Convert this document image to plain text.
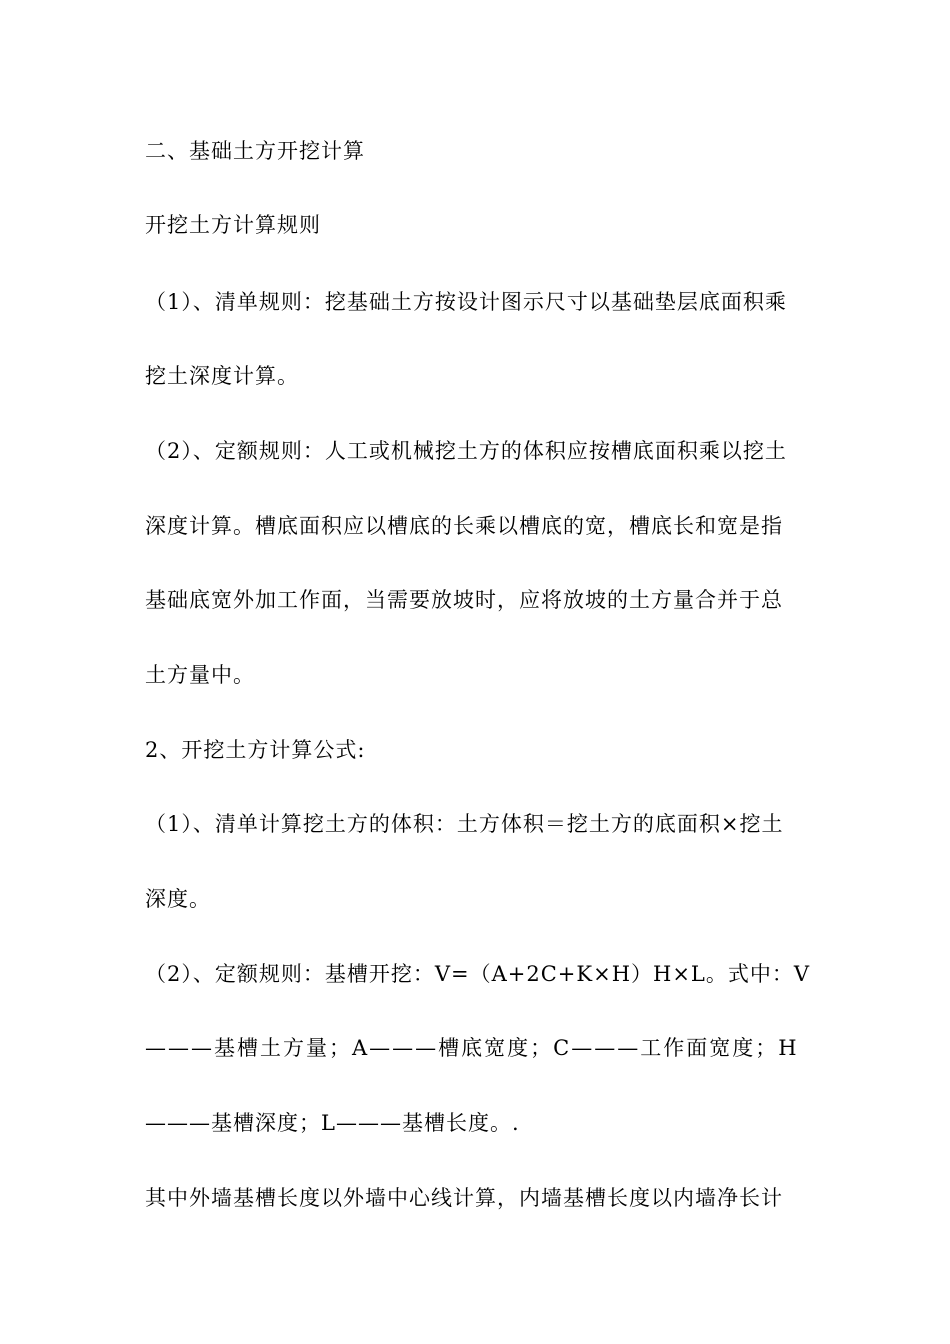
二、基础土方开挖计算
开挖土方计算规则
（1）、清单规则：挖基础土方按设计图示尺寸以基础垫层底面积乘
挖土深度计算。
（2）、定额规则：人工或机械挖土方的体积应按槽底面积乘以挖土
深度计算。槽底面积应以槽底的长乘以槽底的宽，槽底长和宽是指
基础底宽外加工作面，当需要放坡时，应将放坡的土方量合并于总
土方量中。
2、开挖土方计算公式:
（1）、清单计算挖土方的体积：土方体积＝挖土方的底面积×挖土
深度。
（2）、定额规则：基槽开挖：V=（A+2C+K×H）H×L。式中：V
———基槽土方量；A———槽底宽度；C———工作面宽度；H
———基槽深度；L———基槽长度。.
其中外墙基槽长度以外墙中心线计算，内墙基槽长度以内墙净长计
